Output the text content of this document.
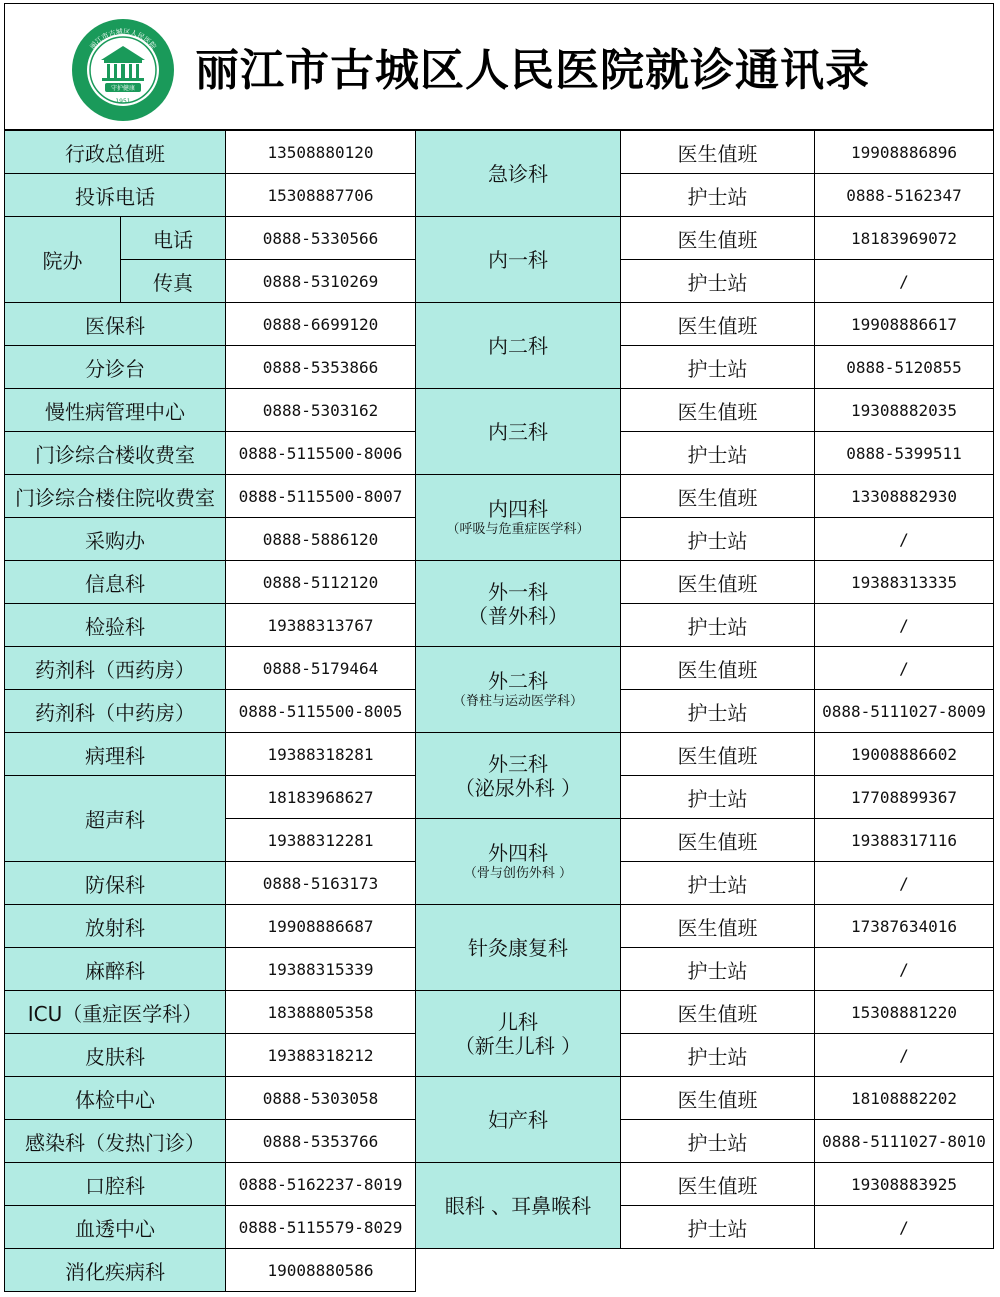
守护健康
1951
丽江市古城区人民医院 丽江市古城区人民医院就诊通讯录
行政总值班	13508880120
投诉电话	15308887706
院办
电话	0888-5330566
传真	0888-5310269
医保科	0888-6699120
分诊台	0888-5353866
慢性病管理中心	0888-5303162
门诊综合楼收费室	0888-5115500-8006
门诊综合楼住院收费室	0888-5115500-8007
采购办	0888-5886120
信息科	0888-5112120
检验科	19388313767
药剂科（西药房）	0888-5179464
药剂科（中药房）	0888-5115500-8005
病理科	19388318281
超声科
18183968627
19388312281
防保科	0888-5163173
放射科	19908886687
麻醉科	19388315339
ICU（重症医学科）	18388805358
皮肤科	19388318212
体检中心	0888-5303058
感染科（发热门诊）	0888-5353766
口腔科	0888-5162237-8019
血透中心	0888-5115579-8029
消化疾病科	19008880586
急诊科
医生值班	19908886896
护士站	0888-5162347
内一科
医生值班	18183969072
护士站	/
内二科
医生值班	19908886617
护士站	0888-5120855
内三科
医生值班	19308882035
护士站	0888-5399511
内四科
（呼吸与危重症医学科）
医生值班	13308882930
护士站	/
外一科
（普外科）
医生值班	19388313335
护士站	/
外二科
（脊柱与运动医学科）
医生值班	/
护士站	0888-5111027-8009
外三科
（泌尿外科 ）
医生值班	19008886602
护士站	17708899367
外四科
（骨与创伤外科 ）
医生值班	19388317116
护士站	/
针灸康复科
医生值班	17387634016
护士站	/
儿科
（新生儿科 ）
医生值班	15308881220
护士站	/
妇产科
医生值班	18108882202
护士站	0888-5111027-8010
眼科 、耳鼻喉科
医生值班	19308883925
护士站	/
